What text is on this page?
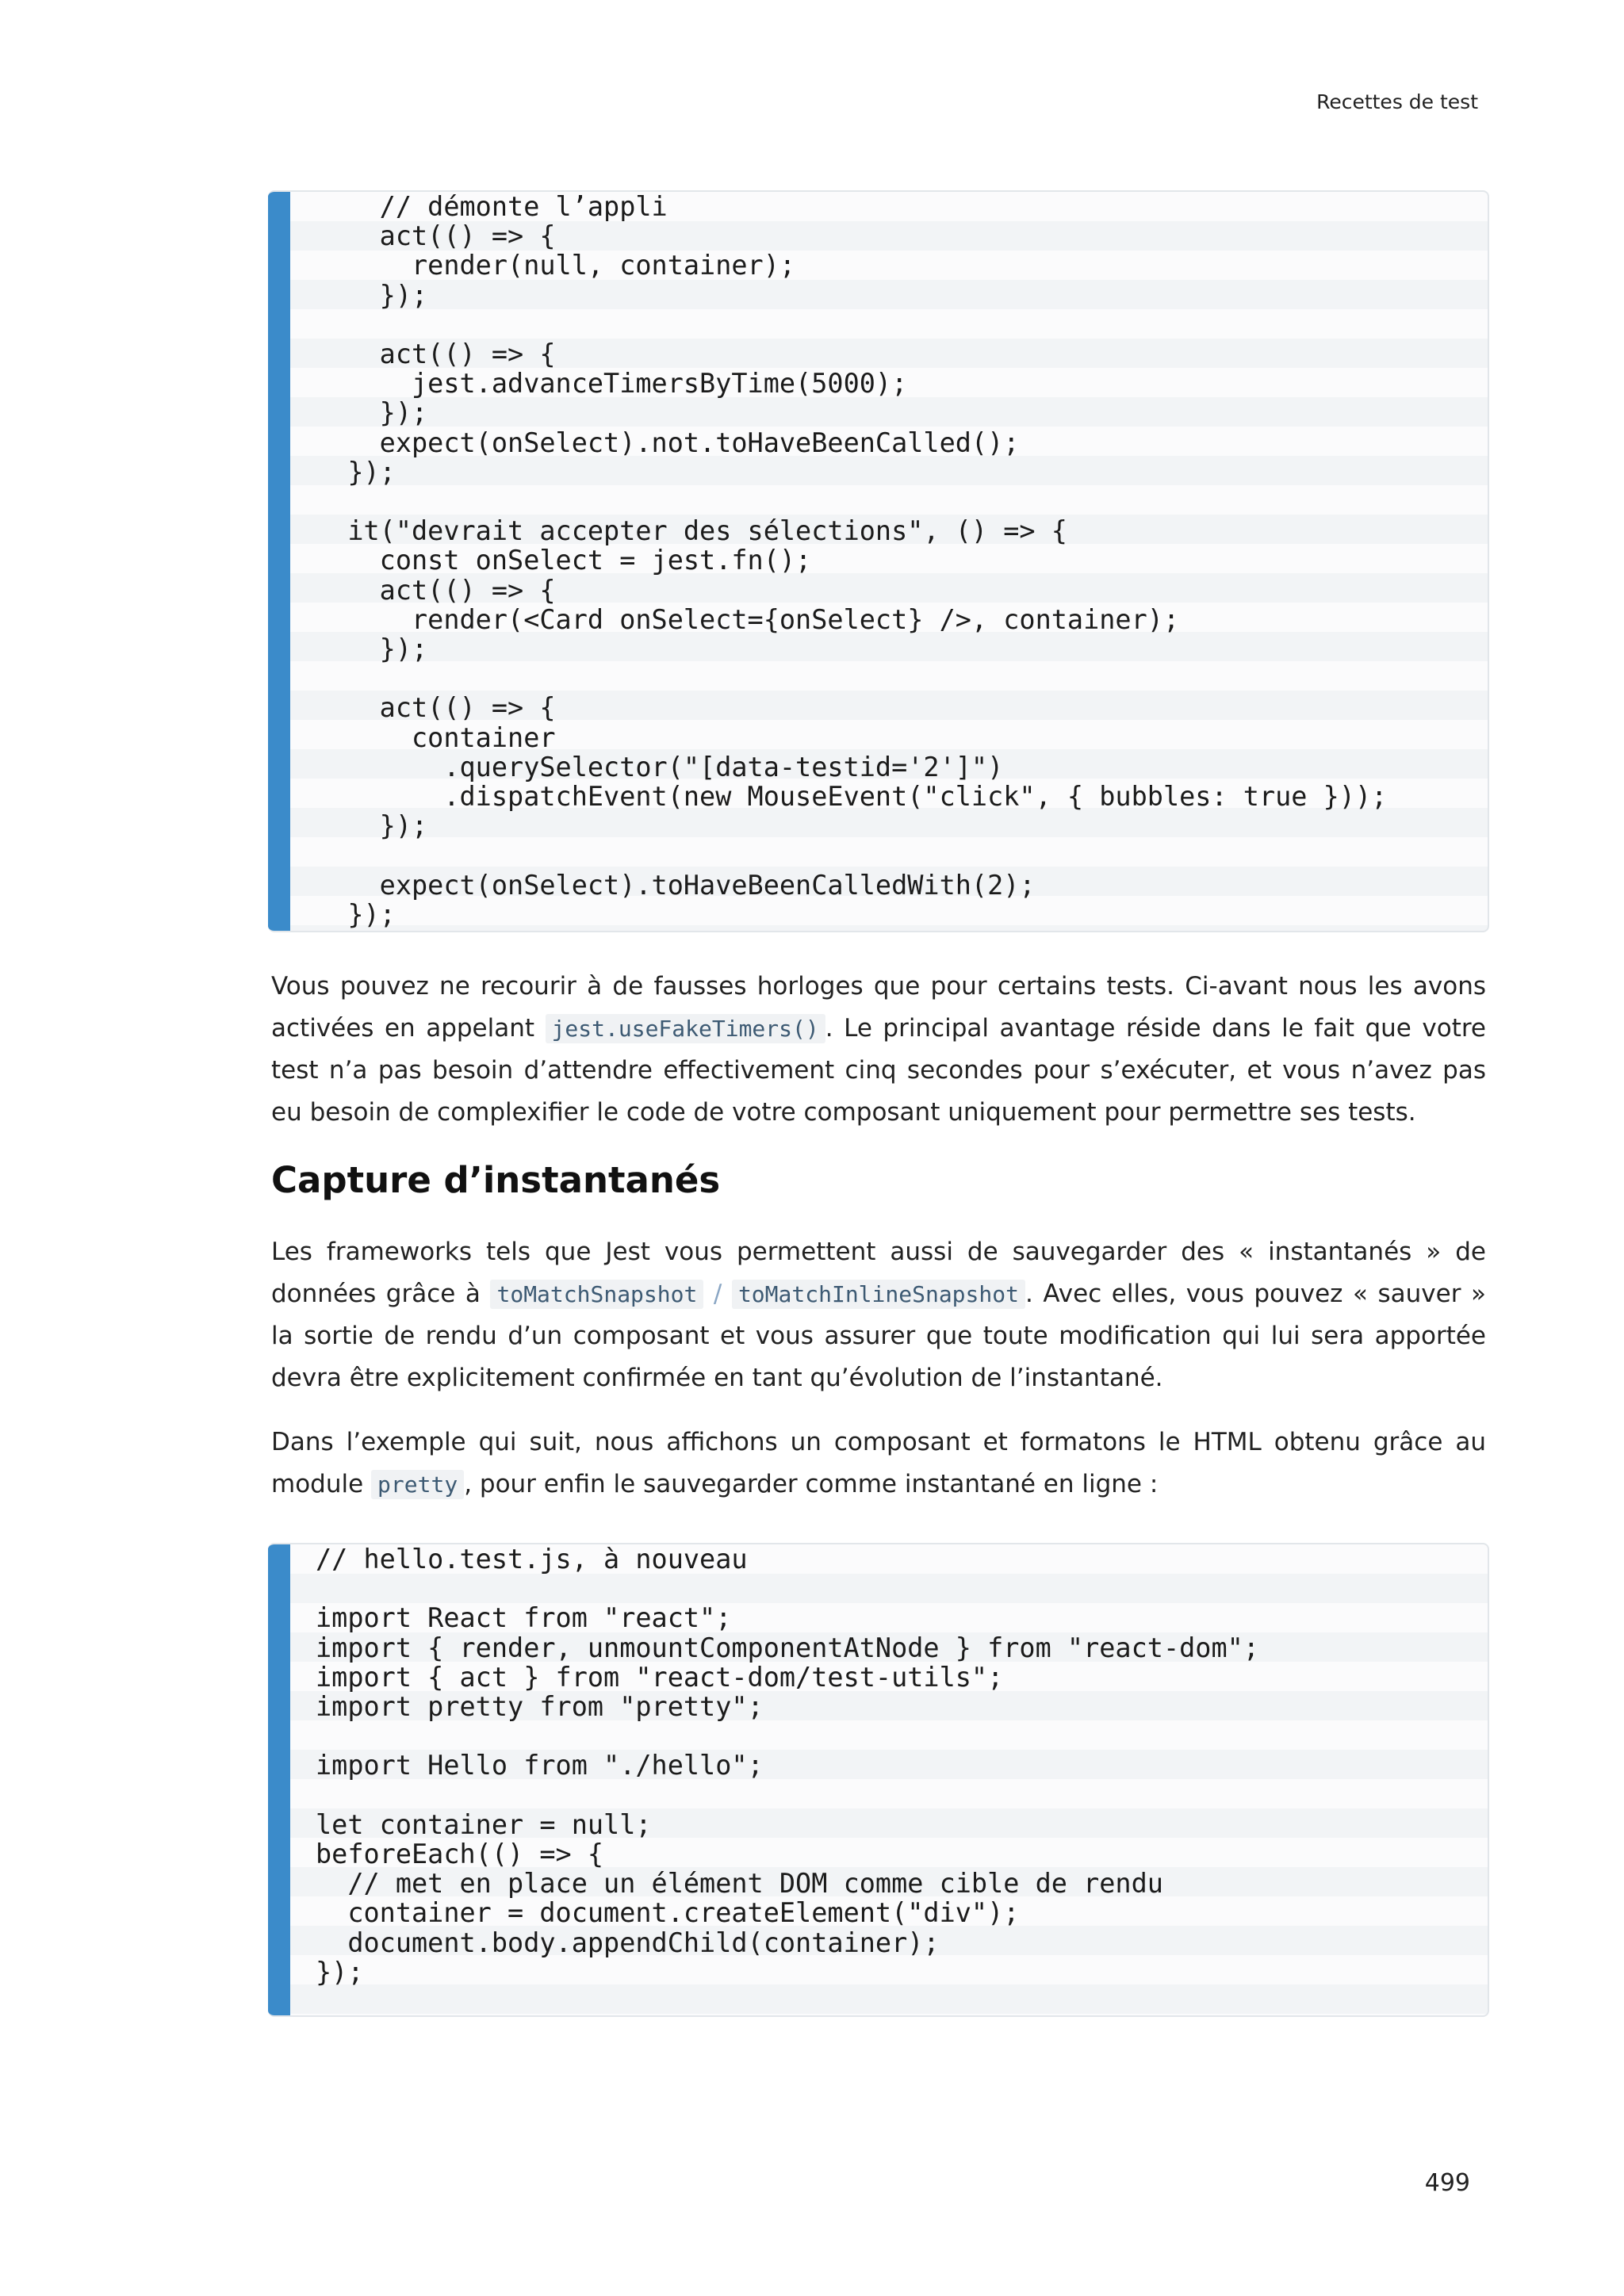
Recettes de test
// démonte l’appli
act(() => {
render(null, container);
});

act(() => {
jest.advanceTimersByTime(5000);
});
expect(onSelect).not.toHaveBeenCalled();
});

it("devrait accepter des sélections", () => {
const onSelect = jest.fn();
act(() => {
render(<Card onSelect={onSelect} />, container);
});

act(() => {
container
.querySelector("[data-testid='2']")
.dispatchEvent(new MouseEvent("click", { bubbles: true }));
});

expect(onSelect).toHaveBeenCalledWith(2);
});

Vous pouvez ne recourir à de fausses horloges que pour certains tests. Ci-avant nous les avons activées en appelant jest.useFakeTimers() . Le principal avantage réside dans le fait que votre test n’a pas besoin d’attendre effectivement cinq secondes pour s’exécuter, et vous n’avez pas eu besoin de complexifier le code de votre composant uniquement pour permettre ses tests.

Capture d’instantanés

Les frameworks tels que Jest vous permettent aussi de sauvegarder des « instantanés » de données grâce à toMatchSnapshot / toMatchInlineSnapshot . Avec elles, vous pouvez « sauver » la sortie de rendu d’un composant et vous assurer que toute modification qui lui sera apportée devra être explicitement confirmée en tant qu’évolution de l’instantané.

Dans l’exemple qui suit, nous affichons un composant et formatons le HTML obtenu grâce au module pretty , pour enfin le sauvegarder comme instantané en ligne :

// hello.test.js, à nouveau

import React from "react";
import { render, unmountComponentAtNode } from "react-dom";
import { act } from "react-dom/test-utils";
import pretty from "pretty";

import Hello from "./hello";

let container = null;
beforeEach(() => {
// met en place un élément DOM comme cible de rendu
container = document.createElement("div");
document.body.appendChild(container);
});
499
